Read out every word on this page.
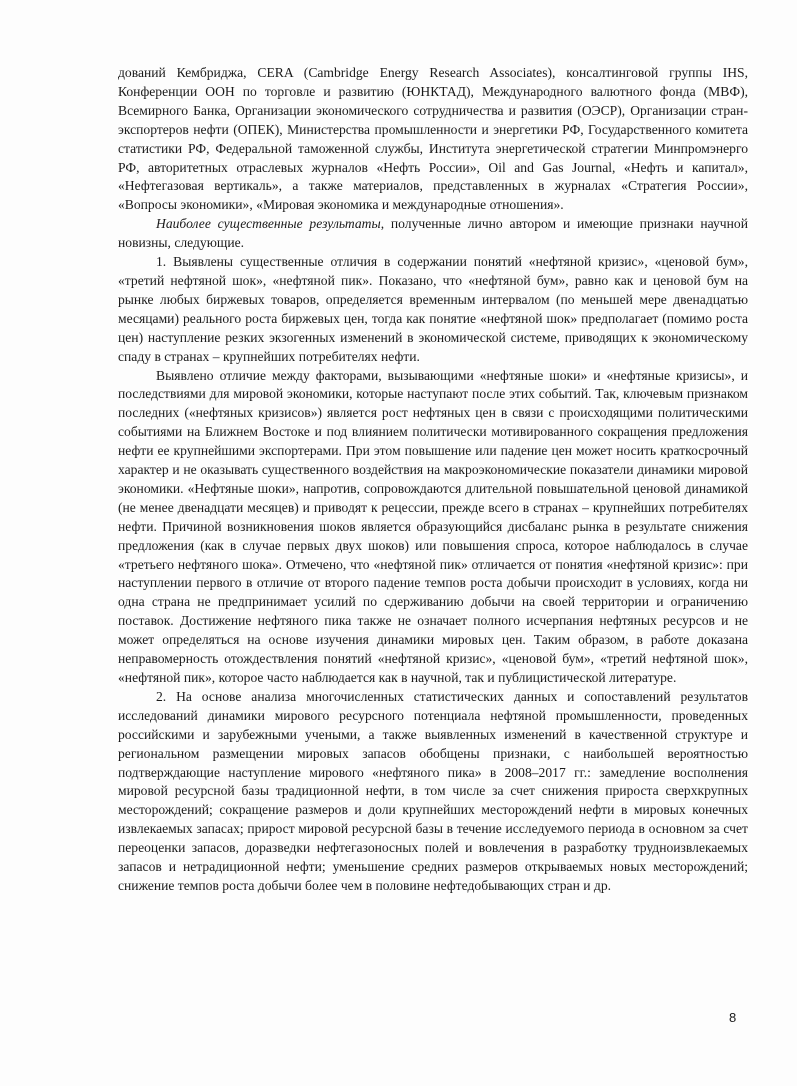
дований Кембриджа, CERA (Cambridge Energy Research Associates), консалтинговой группы IHS, Конференции ООН по торговле и развитию (ЮНКТАД), Международного валютного фонда (МВФ), Всемирного Банка, Организации экономического сотрудничества и развития (ОЭСР), Организации стран-экспортеров нефти (ОПЕК), Министерства промышленности и энергетики РФ, Государственного комитета статистики РФ, Федеральной таможенной службы, Института энергетической стратегии Минпромэнерго РФ, авторитетных отраслевых журналов «Нефть России», Oil and Gas Journal, «Нефть и капитал», «Нефтегазовая вертикаль», а также материалов, представленных в журналах «Стратегия России», «Вопросы экономики», «Мировая экономика и международные отношения».

Наиболее существенные результаты, полученные лично автором и имеющие признаки научной новизны, следующие.

1. Выявлены существенные отличия в содержании понятий «нефтяной кризис», «ценовой бум», «третий нефтяной шок», «нефтяной пик». Показано, что «нефтяной бум», равно как и ценовой бум на рынке любых биржевых товаров, определяется временным интервалом (по меньшей мере двенадцатью месяцами) реального роста биржевых цен, тогда как понятие «нефтяной шок» предполагает (помимо роста цен) наступление резких экзогенных изменений в экономической системе, приводящих к экономическому спаду в странах – крупнейших потребителях нефти.

Выявлено отличие между факторами, вызывающими «нефтяные шоки» и «нефтяные кризисы», и последствиями для мировой экономики, которые наступают после этих событий. Так, ключевым признаком последних («нефтяных кризисов») является рост нефтяных цен в связи с происходящими политическими событиями на Ближнем Востоке и под влиянием политически мотивированного сокращения предложения нефти ее крупнейшими экспортерами. При этом повышение или падение цен может носить краткосрочный характер и не оказывать существенного воздействия на макроэкономические показатели динамики мировой экономики. «Нефтяные шоки», напротив, сопровождаются длительной повышательной ценовой динамикой (не менее двенадцати месяцев) и приводят к рецессии, прежде всего в странах – крупнейших потребителях нефти. Причиной возникновения шоков является образующийся дисбаланс рынка в результате снижения предложения (как в случае первых двух шоков) или повышения спроса, которое наблюдалось в случае «третьего нефтяного шока». Отмечено, что «нефтяной пик» отличается от понятия «нефтяной кризис»: при наступлении первого в отличие от второго падение темпов роста добычи происходит в условиях, когда ни одна страна не предпринимает усилий по сдерживанию добычи на своей территории и ограничению поставок. Достижение нефтяного пика также не означает полного исчерпания нефтяных ресурсов и не может определяться на основе изучения динамики мировых цен. Таким образом, в работе доказана неправомерность отождествления понятий «нефтяной кризис», «ценовой бум», «третий нефтяной шок», «нефтяной пик», которое часто наблюдается как в научной, так и публицистической литературе.

2. На основе анализа многочисленных статистических данных и сопоставлений результатов исследований динамики мирового ресурсного потенциала нефтяной промышленности, проведенных российскими и зарубежными учеными, а также выявленных изменений в качественной структуре и региональном размещении мировых запасов обобщены признаки, с наибольшей вероятностью подтверждающие наступление мирового «нефтяного пика» в 2008–2017 гг.: замедление восполнения мировой ресурсной базы традиционной нефти, в том числе за счет снижения прироста сверхкрупных месторождений; сокращение размеров и доли крупнейших месторождений нефти в мировых конечных извлекаемых запасах; прирост мировой ресурсной базы в течение исследуемого периода в основном за счет переоценки запасов, доразведки нефтегазоносных полей и вовлечения в разработку трудноизвлекаемых запасов и нетрадиционной нефти; уменьшение средних размеров открываемых новых месторождений; снижение темпов роста добычи более чем в половине нефтедобывающих стран и др.

8
